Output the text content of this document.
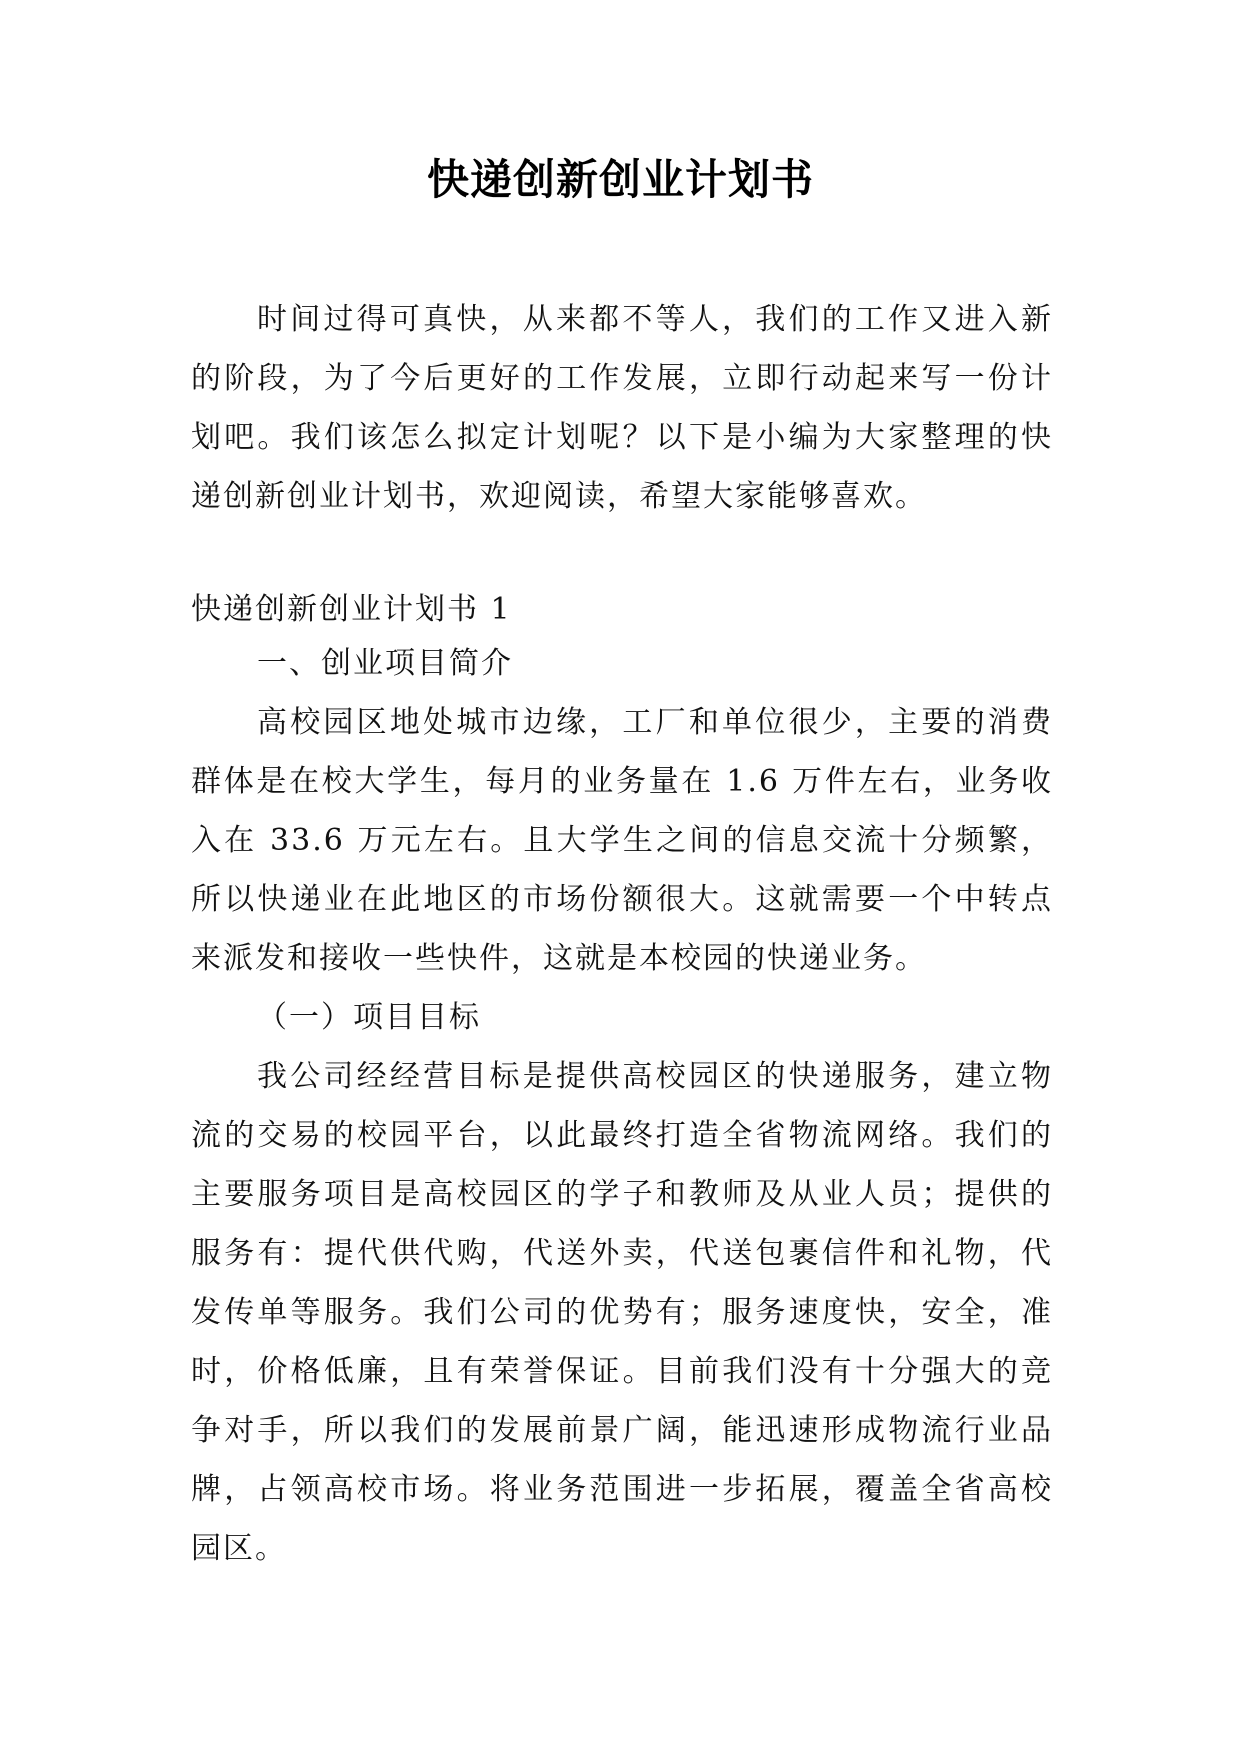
快递创新创业计划书
时间过得可真快，从来都不等人，我们的工作又进入新的阶段，为了今后更好的工作发展，立即行动起来写一份计划吧。我们该怎么拟定计划呢？以下是小编为大家整理的快递创新创业计划书，欢迎阅读，希望大家能够喜欢。
快递创新创业计划书 1
一、创业项目简介
高校园区地处城市边缘，工厂和单位很少，主要的消费群体是在校大学生，每月的业务量在 1.6 万件左右，业务收入在 33.6 万元左右。且大学生之间的信息交流十分频繁，所以快递业在此地区的市场份额很大。这就需要一个中转点来派发和接收一些快件，这就是本校园的快递业务。
（一）项目目标
我公司经经营目标是提供高校园区的快递服务，建立物流的交易的校园平台，以此最终打造全省物流网络。我们的主要服务项目是高校园区的学子和教师及从业人员；提供的服务有：提代供代购，代送外卖，代送包裹信件和礼物，代发传单等服务。我们公司的优势有；服务速度快，安全，准时，价格低廉，且有荣誉保证。目前我们没有十分强大的竞争对手，所以我们的发展前景广阔，能迅速形成物流行业品牌，占领高校市场。将业务范围进一步拓展，覆盖全省高校园区。
